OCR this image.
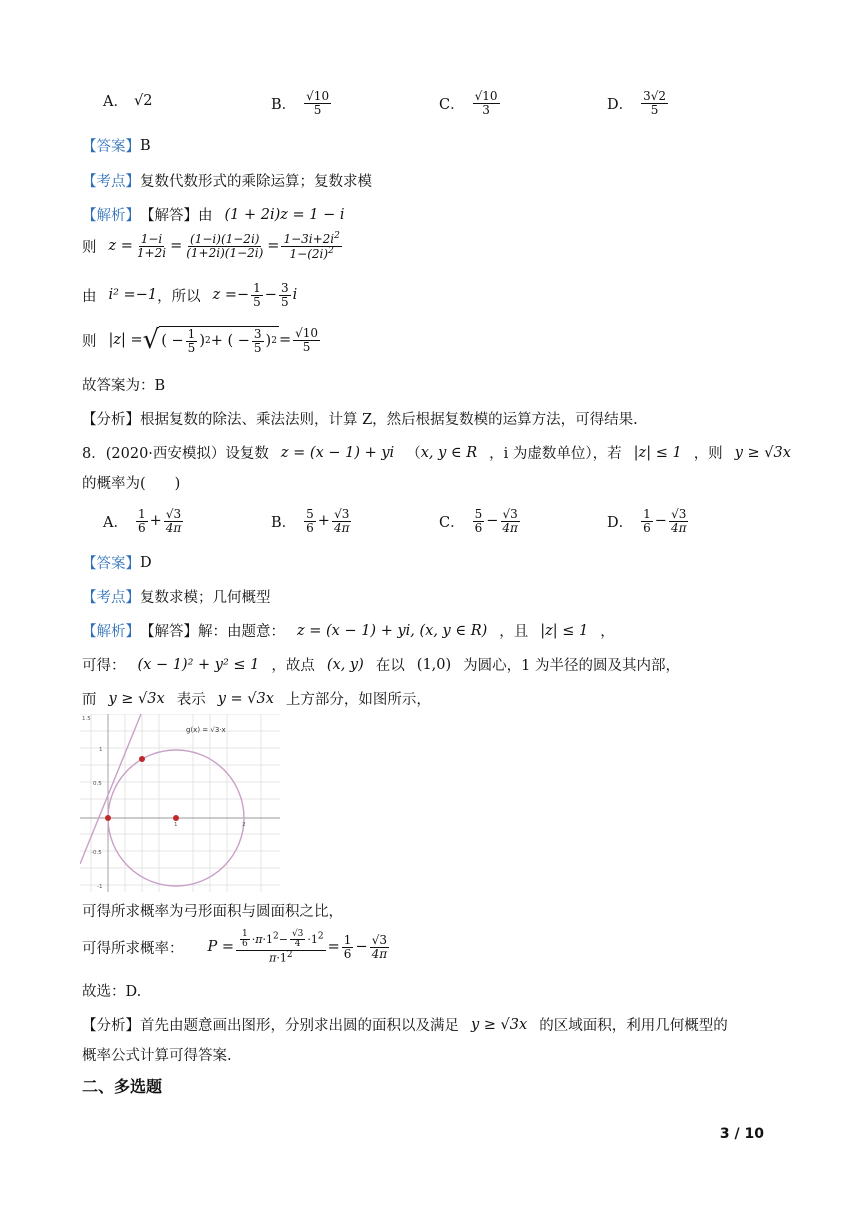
A． √2	B． $\frac{√10}{5}$	C． $\frac{√10}{3}$	D． $\frac{3√2}{5}$
【答案】 B
【考点】 复数代数形式的乘除运算；复数求模
【解析】 【解答】由 (1 + 2i)z = 1 − i
则 $z = \frac{1-i}{1+2i} = \frac{(1-i)(1-2i)}{(1+2i)(1-2i)} = \frac{1-3i+2i^2}{1-(2i)^2}$
由 i² =−1 ，所以 $z =- \frac{1}{5} - \frac{3}{5}$ i
则 |z| = √ ( − $\frac{1}{5}$ ) 2 + ( − $\frac{3}{5}$ ) $2 = \frac{√10}{5}$
故答案为：B
【分析】 根据复数的除法、乘法法则，计算 Z，然后根据复数模的运算方法，可得结果.
8． (2020·西安模拟）设复数 z = (x − 1) + yi （ x, y ∈ R ，i 为虚数单位），若 |z| ≤ 1 ，则 y ≥ √3x
的概率为(　　)
A． $\frac{1}{6} + \frac{√3}{4\pi}$	B． $\frac{5}{6} + \frac{√3}{4\pi}$	C． $\frac{5}{6} - \frac{√3}{4\pi}$	D． $\frac{1}{6} - \frac{√3}{4\pi}$
【答案】 D
【考点】 复数求模；几何概型
【解析】 【解答】解：由题意： z = (x − 1) + yi, (x, y ∈ R) ，且 |z| ≤ 1 ，
可得： (x − 1)² + y² ≤ 1 ，故点 (x, y) 在以 (1,0) 为圆心，1 为半径的圆及其内部，
而 y ≥ √3x 表示 y = √3x 上方部分，如图所示，
1.5
1
0.5
-0.5
-1
1	2
g(x) = √3·x
可得所求概率为弓形面积与圆面积之比，
可得所求概率： $P = \frac{\frac{1}{6} \cdot\pi\cdot 1^2- \frac{√3}{4} \cdot 1^2}{\pi\cdot 1^2} = \frac{1}{6} - \frac{√3}{4\pi}$
故选：D.
【分析】 首先由题意画出图形，分别求出圆的面积以及满足 y ≥ √3x 的区域面积，利用几何概型的
概率公式计算可得答案.
二、多选题
3 / 10
